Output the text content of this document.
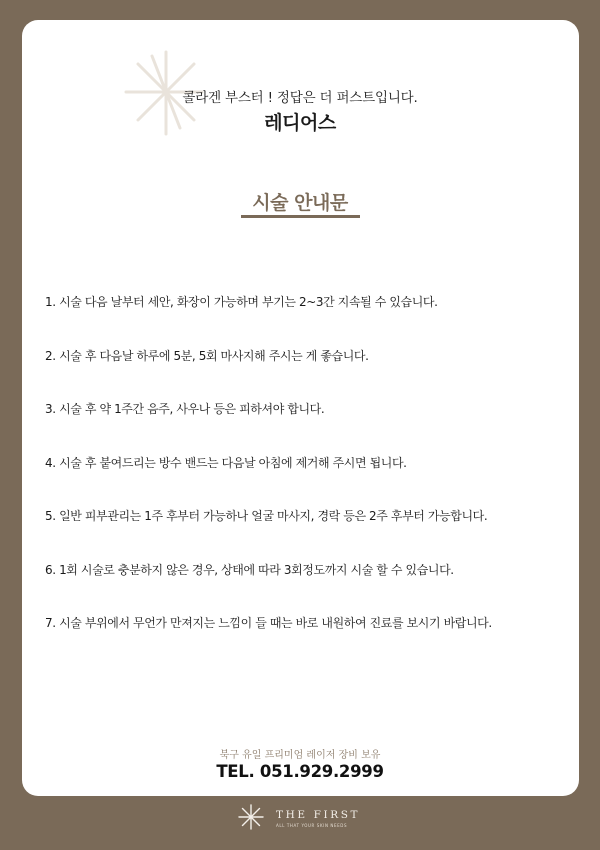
콜라겐 부스터 ! 정답은 더 퍼스트입니다.
레디어스
시술 안내문
1. 시술 다음 날부터 세안, 화장이 가능하며 부기는 2~3간 지속될 수 있습니다.
2. 시술 후 다음날 하루에 5분, 5회 마사지해 주시는 게 좋습니다.
3. 시술 후 약 1주간 음주, 사우나 등은 피하셔야 합니다.
4. 시술 후 붙여드리는 방수 밴드는 다음날 아침에 제거해 주시면 됩니다.
5. 일반 피부관리는 1주 후부터 가능하나 얼굴 마사지, 경락 등은 2주 후부터 가능합니다.
6. 1회 시술로 충분하지 않은 경우, 상태에 따라 3회정도까지 시술 할 수 있습니다.
7. 시술 부위에서 무언가 만져지는 느낌이 들 때는 바로 내원하여 진료를 보시기 바랍니다.
북구 유일 프리미엄 레이저 장비 보유
TEL. 051.929.2999
THE FIRST
ALL THAT YOUR SKIN NEEDS
